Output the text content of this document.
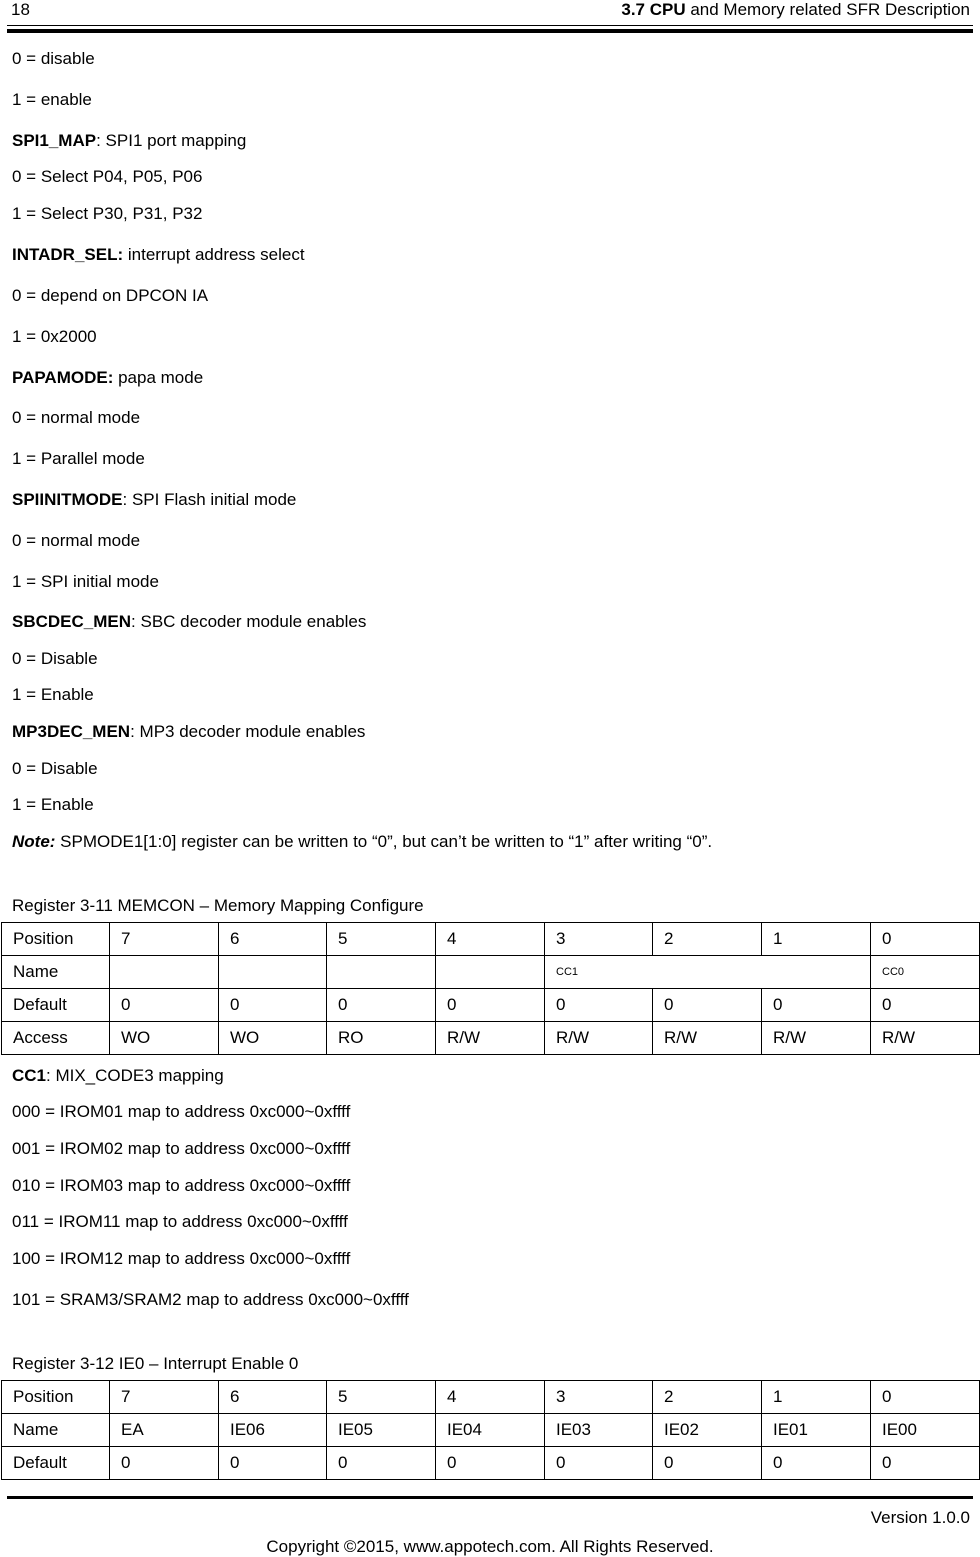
18	3.7 CPU and Memory related SFR Description
0 = disable
1 = enable
SPI1_MAP: SPI1 port mapping
0 = Select P04, P05, P06
1 = Select P30, P31, P32
INTADR_SEL: interrupt address select
0 = depend on DPCON IA
1 = 0x2000
PAPAMODE: papa mode
0 = normal mode
1 = Parallel mode
SPIINITMODE: SPI Flash initial mode
0 = normal mode
1 = SPI initial mode
SBCDEC_MEN: SBC decoder module enables
0 = Disable
1 = Enable
MP3DEC_MEN: MP3 decoder module enables
0 = Disable
1 = Enable
Note: SPMODE1[1:0] register can be written to “0”, but can’t be written to “1” after writing “0”.
Register 3-11 MEMCON – Memory Mapping Configure
Position	7	6	5	4	3	2	1	0
Name					CC1			CC0
Default	0	0	0	0	0	0	0	0
Access	WO	WO	RO	R/W	R/W	R/W	R/W	R/W
CC1: MIX_CODE3 mapping
000 = IROM01 map to address 0xc000~0xffff
001 = IROM02 map to address 0xc000~0xffff
010 = IROM03 map to address 0xc000~0xffff
011 = IROM11 map to address 0xc000~0xffff
100 = IROM12 map to address 0xc000~0xffff
101 = SRAM3/SRAM2 map to address 0xc000~0xffff
Register 3-12 IE0 – Interrupt Enable 0
Position	7	6	5	4	3	2	1	0
Name	EA	IE06	IE05	IE04	IE03	IE02	IE01	IE00
Default	0	0	0	0	0	0	0	0
Version 1.0.0
Copyright ©2015, www.appotech.com. All Rights Reserved.
